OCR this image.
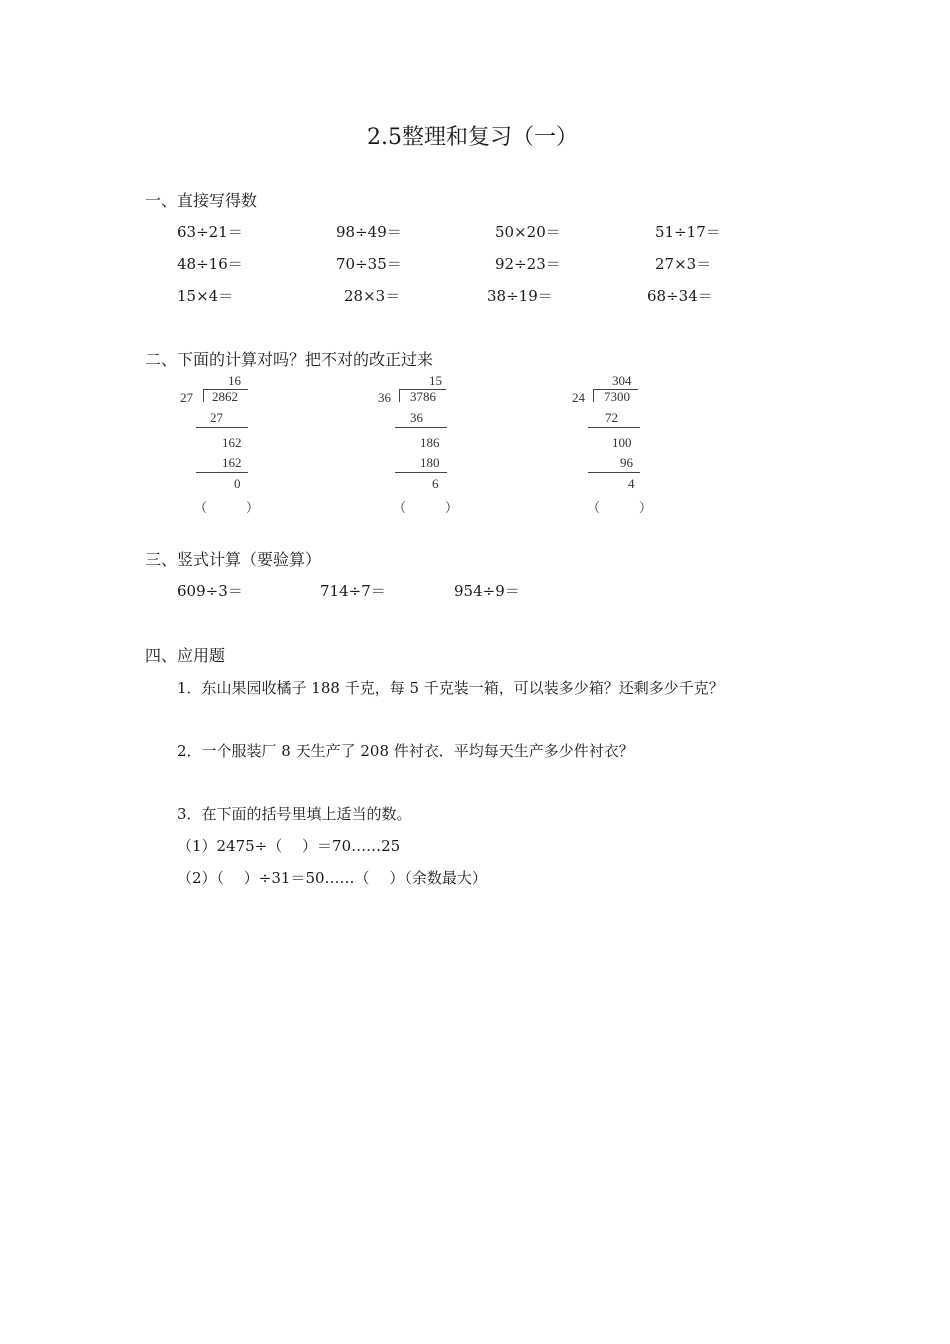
2.5整理和复习（一）
一、直接写得数
63÷21＝	98÷49＝	50×20＝	51÷17＝
48÷16＝	70÷35＝	92÷23＝	27×3＝
15×4＝	28×3＝	38÷19＝	68÷34＝
二、下面的计算对吗？把不对的改正过来
16
27 2862
27
162
162
0
（　　　）
15
36 3786
36
186
180
6
（　　　）
304
24 7300
72
100
96
4
（　　　）
三、竖式计算（要验算）
609÷3＝	714÷7＝	954÷9＝
四、应用题
1．东山果园收橘子 188 千克，每 5 千克装一箱，可以装多少箱？还剩多少千克？
2．一个服装厂 8 天生产了 208 件衬衣．平均每天生产多少件衬衣？
3．在下面的括号里填上适当的数。
（1）2475÷（　 ）＝70……25
（2）（　 ）÷31＝50……（　 ）（余数最大）
